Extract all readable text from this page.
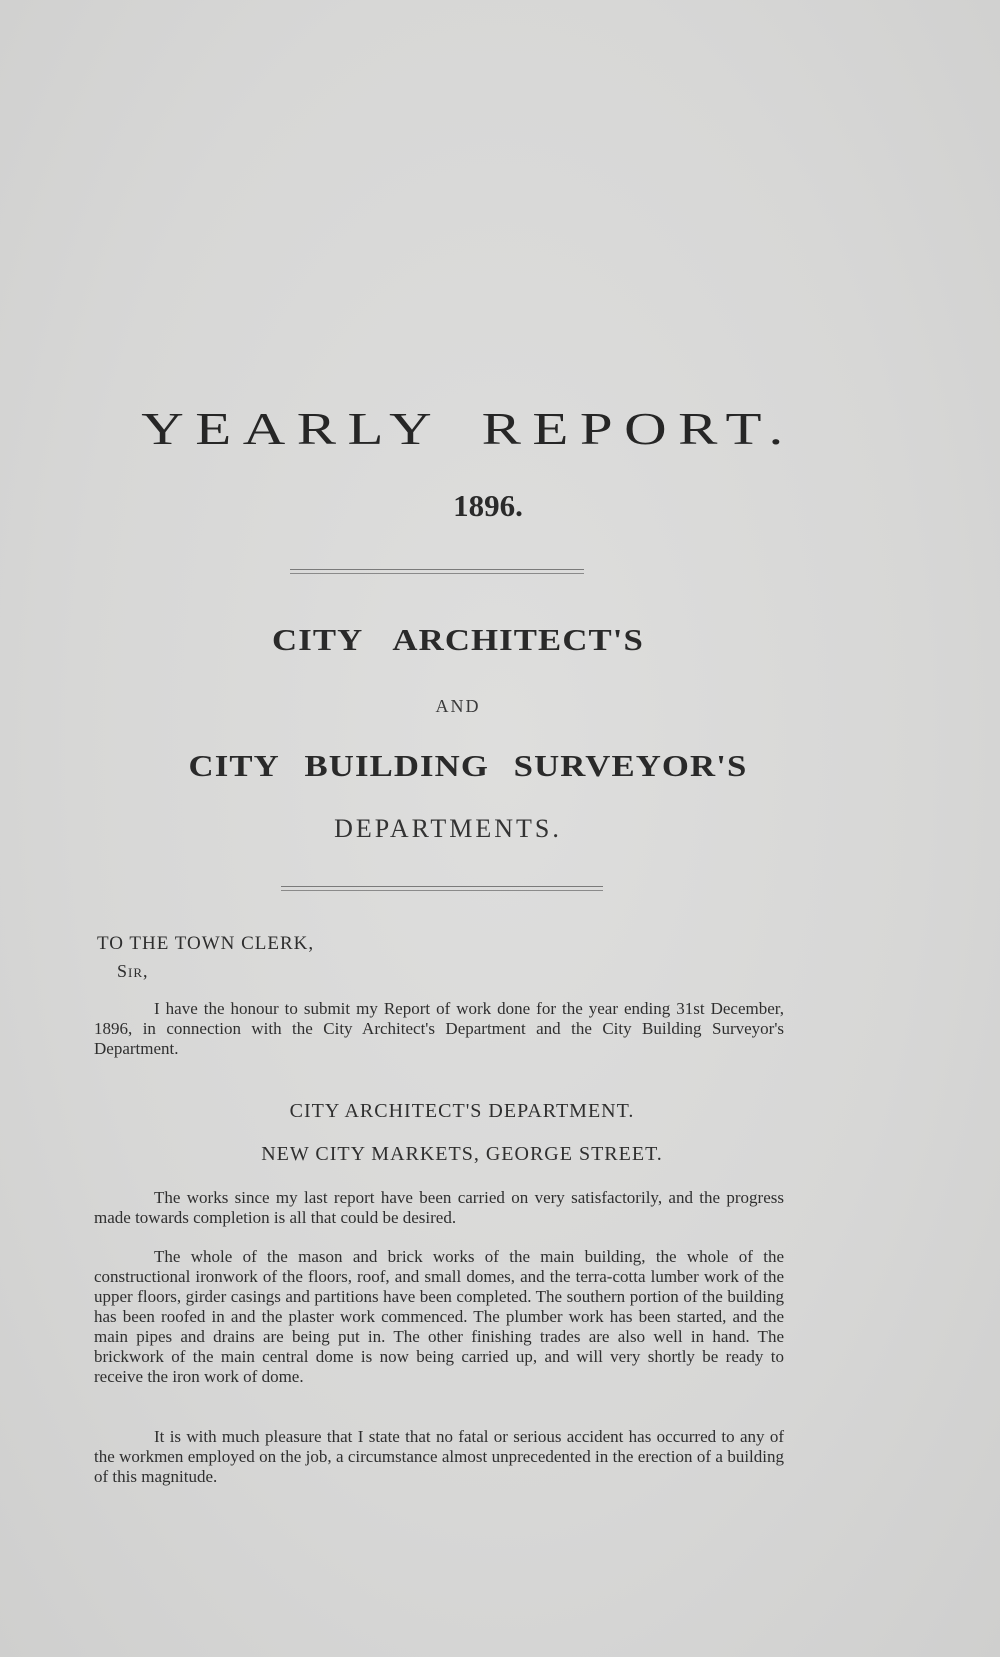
YEARLY REPORT.
1896.
CITY ARCHITECT'S
AND
CITY BUILDING SURVEYOR'S
DEPARTMENTS.
TO THE TOWN CLERK,
Sir,

I have the honour to submit my Report of work done for the year ending 31st December, 1896, in connection with the City Architect's Department and the City Building Surveyor's Department.

CITY ARCHITECT'S DEPARTMENT.
NEW CITY MARKETS, GEORGE STREET.

The works since my last report have been carried on very satisfactorily, and the progress made towards completion is all that could be desired.

The whole of the mason and brick works of the main building, the whole of the constructional ironwork of the floors, roof, and small domes, and the terra-cotta lumber work of the upper floors, girder casings and partitions have been completed. The southern portion of the building has been roofed in and the plaster work commenced. The plumber work has been started, and the main pipes and drains are being put in. The other finishing trades are also well in hand. The brickwork of the main central dome is now being carried up, and will very shortly be ready to receive the iron work of dome.

It is with much pleasure that I state that no fatal or serious accident has occurred to any of the workmen employed on the job, a circumstance almost unprecedented in the erection of a building of this magnitude.
